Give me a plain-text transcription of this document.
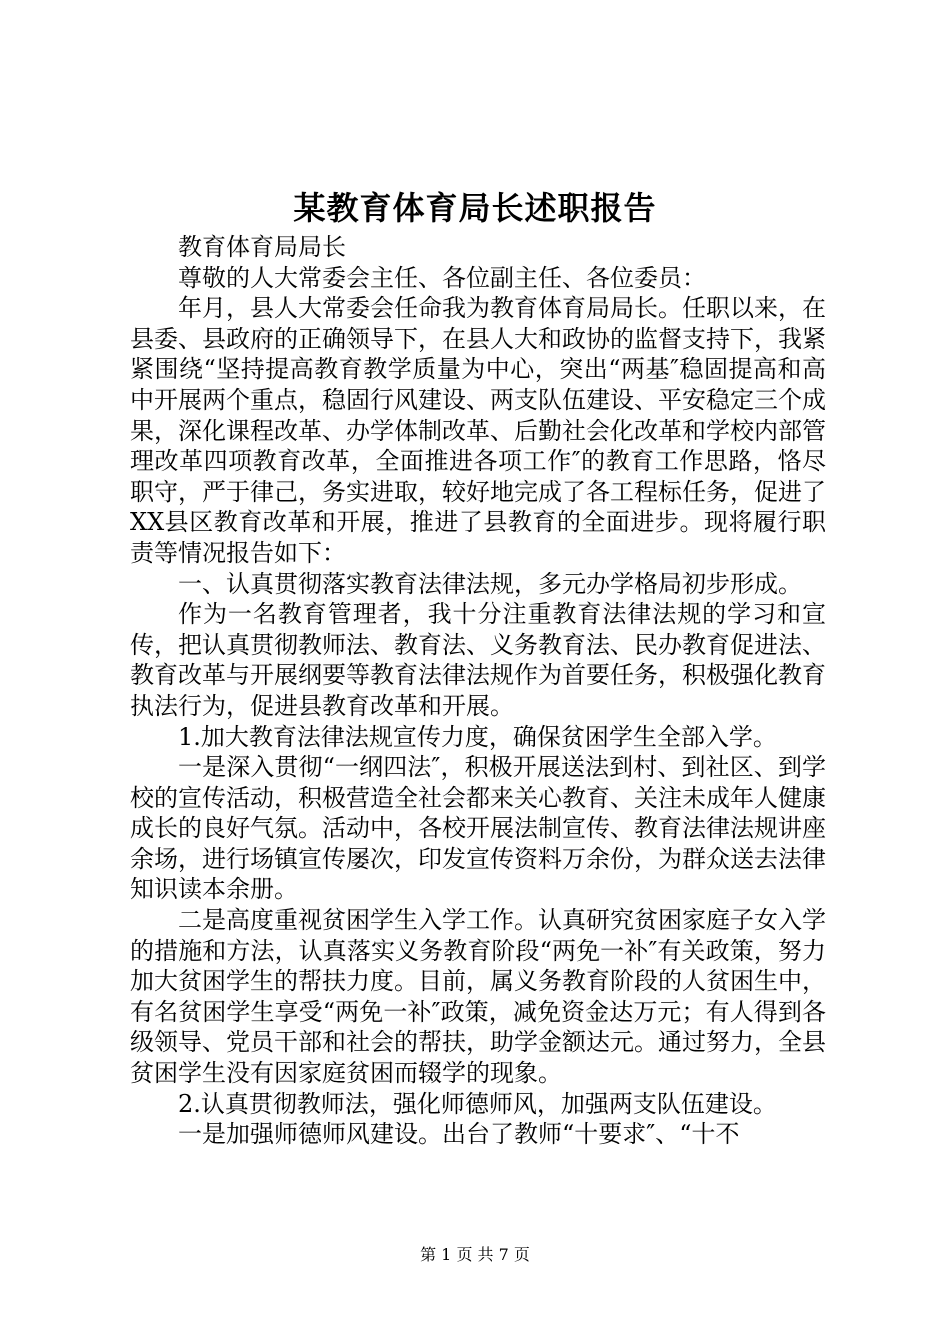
某教育体育局长述职报告

教育体育局局长

尊敬的人大常委会主任、各位副主任、各位委员：

年月，县人大常委会任命我为教育体育局局长。任职以来，在县委、县政府的正确领导下，在县人大和政协的监督支持下，我紧紧围绕“坚持提高教育教学质量为中心，突出“两基″稳固提高和高中开展两个重点，稳固行风建设、两支队伍建设、平安稳定三个成果，深化课程改革、办学体制改革、后勤社会化改革和学校内部管理改革四项教育改革，全面推进各项工作″的教育工作思路，恪尽职守，严于律己，务实进取，较好地完成了各工程标任务，促进了XX县区教育改革和开展，推进了县教育的全面进步。现将履行职责等情况报告如下：

一、认真贯彻落实教育法律法规，多元办学格局初步形成。

作为一名教育管理者，我十分注重教育法律法规的学习和宣传，把认真贯彻教师法、教育法、义务教育法、民办教育促进法、教育改革与开展纲要等教育法律法规作为首要任务，积极强化教育执法行为，促进县教育改革和开展。

1.加大教育法律法规宣传力度，确保贫困学生全部入学。

一是深入贯彻“一纲四法″，积极开展送法到村、到社区、到学校的宣传活动，积极营造全社会都来关心教育、关注未成年人健康成长的良好气氛。活动中，各校开展法制宣传、教育法律法规讲座余场，进行场镇宣传屡次，印发宣传资料万余份，为群众送去法律知识读本余册。

二是高度重视贫困学生入学工作。认真研究贫困家庭子女入学的措施和方法，认真落实义务教育阶段“两免一补″有关政策，努力加大贫困学生的帮扶力度。目前，属义务教育阶段的人贫困生中，有名贫困学生享受“两免一补″政策，减免资金达万元；有人得到各级领导、党员干部和社会的帮扶，助学金额达元。通过努力，全县贫困学生没有因家庭贫困而辍学的现象。

2.认真贯彻教师法，强化师德师风，加强两支队伍建设。

一是加强师德师风建设。出台了教师“十要求″、“十不

第 1 页 共 7 页
